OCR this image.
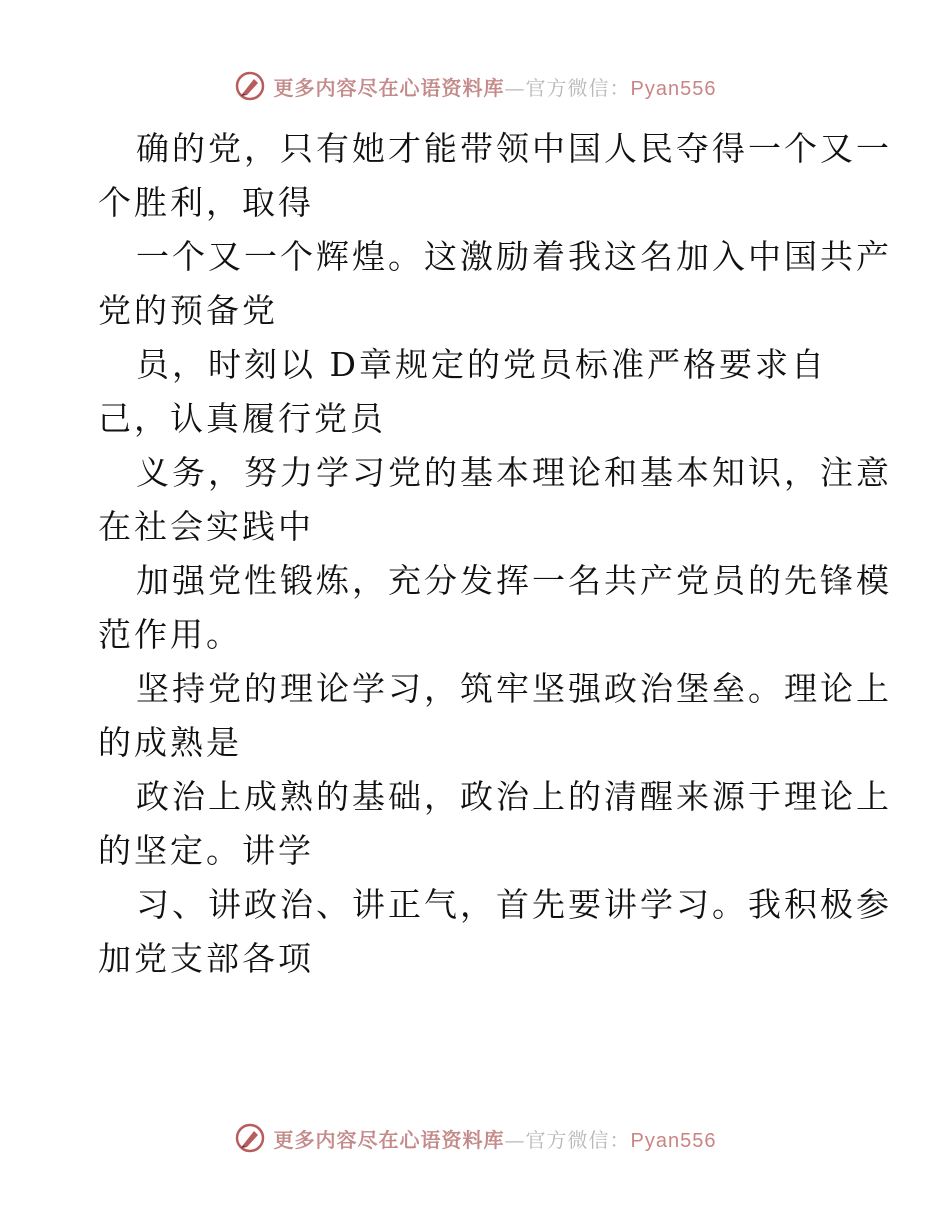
更多内容尽在心语资料库—官方微信：Pyan556
确的党，只有她才能带领中国人民夺得一个又一
个胜利，取得
一个又一个辉煌。这激励着我这名加入中国共产
党的预备党
员，时刻以 D章规定的党员标准严格要求自
己，认真履行党员
义务，努力学习党的基本理论和基本知识，注意
在社会实践中
加强党性锻炼，充分发挥一名共产党员的先锋模
范作用。
坚持党的理论学习，筑牢坚强政治堡垒。理论上
的成熟是
政治上成熟的基础，政治上的清醒来源于理论上
的坚定。讲学
习、讲政治、讲正气，首先要讲学习。我积极参
加党支部各项
更多内容尽在心语资料库—官方微信：Pyan556
